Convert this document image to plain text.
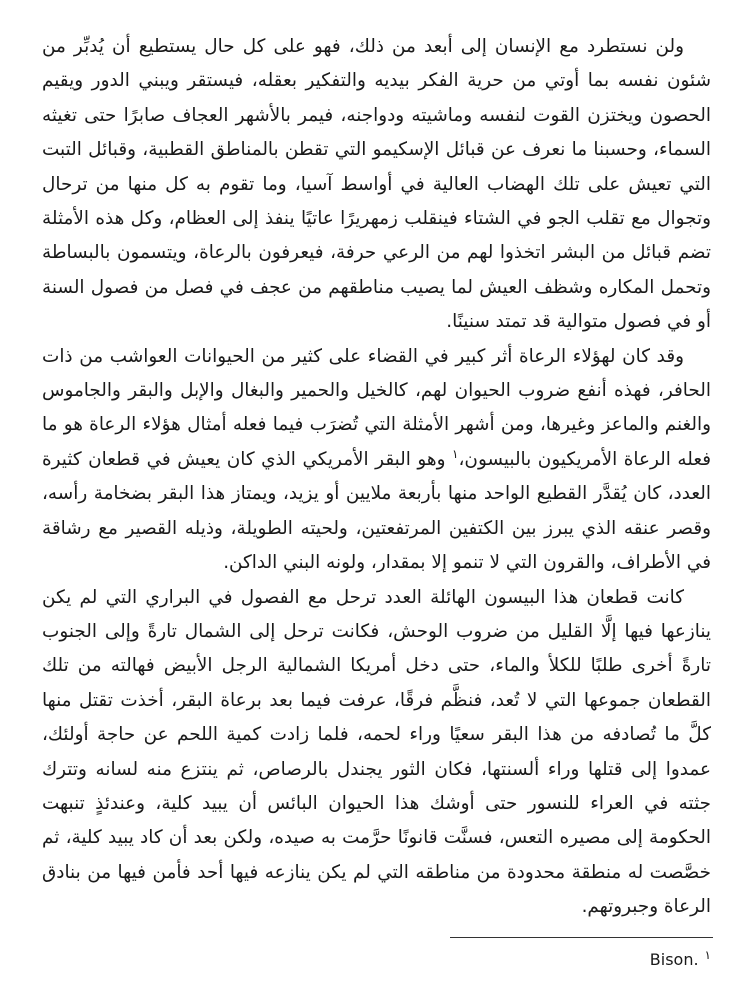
ولن نستطرد مع الإنسان إلى أبعد من ذلك، فهو على كل حال يستطيع أن يُدبِّر من شئون نفسه بما أوتي من حرية الفكر بيديه والتفكير بعقله، فيستقر ويبني الدور ويقيم الحصون ويختزن القوت لنفسه وماشيته ودواجنه، فيمر بالأشهر العجاف صابرًا حتى تغيثه السماء، وحسبنا ما نعرف عن قبائل الإسكيمو التي تقطن بالمناطق القطبية، وقبائل التبت التي تعيش على تلك الهضاب العالية في أواسط آسيا، وما تقوم به كل منها من ترحال وتجوال مع تقلب الجو في الشتاء فينقلب زمهريرًا عاتيًا ينفذ إلى العظام، وكل هذه الأمثلة تضم قبائل من البشر اتخذوا لهم من الرعي حرفة، فيعرفون بالرعاة، ويتسمون بالبساطة وتحمل المكاره وشظف العيش لما يصيب مناطقهم من عجف في فصل من فصول السنة أو في فصول متوالية قد تمتد سنينًا.

وقد كان لهؤلاء الرعاة أثر كبير في القضاء على كثير من الحيوانات العواشب من ذات الحافر، فهذه أنفع ضروب الحيوان لهم، كالخيل والحمير والبغال والإبل والبقر والجاموس والغنم والماعز وغيرها، ومن أشهر الأمثلة التي تُضرَب فيما فعله أمثال هؤلاء الرعاة هو ما فعله الرعاة الأمريكيون بالبيسون،$^١$ وهو البقر الأمريكي الذي كان يعيش في قطعان كثيرة العدد، كان يُقدَّر القطيع الواحد منها بأربعة ملايين أو يزيد، ويمتاز هذا البقر بضخامة رأسه، وقصر عنقه الذي يبرز بين الكتفين المرتفعتين، ولحيته الطويلة، وذيله القصير مع رشاقة في الأطراف، والقرون التي لا تنمو إلا بمقدار، ولونه البني الداكن.

كانت قطعان هذا البيسون الهائلة العدد ترحل مع الفصول في البراري التي لم يكن ينازعها فيها إلَّا القليل من ضروب الوحش، فكانت ترحل إلى الشمال تارةً وإلى الجنوب تارةً أخرى طلبًا للكلأ والماء، حتى دخل أمريكا الشمالية الرجل الأبيض فهالته من تلك القطعان جموعها التي لا تُعد، فنظَّم فرقًا، عرفت فيما بعد برعاة البقر، أخذت تقتل منها كلَّ ما تُصادفه من هذا البقر سعيًا وراء لحمه، فلما زادت كمية اللحم عن حاجة أولئك، عمدوا إلى قتلها وراء ألسنتها، فكان الثور يجندل بالرصاص، ثم ينتزع منه لسانه وتترك جثته في العراء للنسور حتى أوشك هذا الحيوان البائس أن يبيد كلية، وعندئذٍ تنبهت الحكومة إلى مصيره التعس، فسنَّت قانونًا حرَّمت به صيده، ولكن بعد أن كاد يبيد كلية، ثم خصَّصت له منطقة محدودة من مناطقه التي لم يكن ينازعه فيها أحد فأمن فيها من بنادق الرعاة وجبروتهم.

$^١$Bison.
